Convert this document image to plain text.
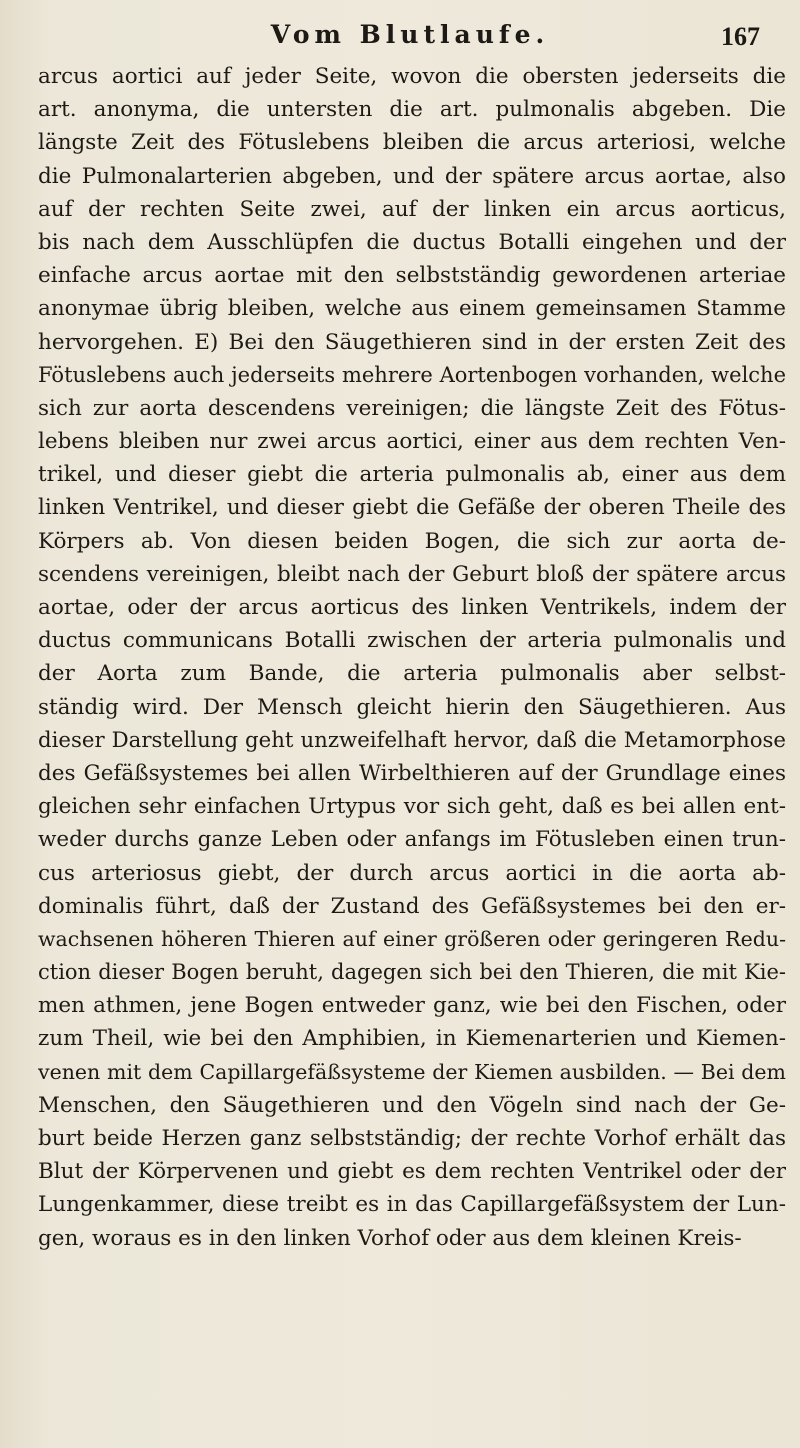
Vom Blutlaufe.	167
arcus aortici auf jeder Seite, wovon die obersten jederseits die
art. anonyma, die untersten die art. pulmonalis abgeben. Die
längste Zeit des Fötuslebens bleiben die arcus arteriosi, welche
die Pulmonalarterien abgeben, und der spätere arcus aortae, also
auf der rechten Seite zwei, auf der linken ein arcus aorticus,
bis nach dem Ausschlüpfen die ductus Botalli eingehen und der
einfache arcus aortae mit den selbstständig gewordenen arteriae
anonymae übrig bleiben, welche aus einem gemeinsamen Stamme
hervorgehen. E) Bei den Säugethieren sind in der ersten Zeit des
Fötuslebens auch jederseits mehrere Aortenbogen vorhanden, welche
sich zur aorta descendens vereinigen; die längste Zeit des Fötus-
lebens bleiben nur zwei arcus aortici, einer aus dem rechten Ven-
trikel, und dieser giebt die arteria pulmonalis ab, einer aus dem
linken Ventrikel, und dieser giebt die Gefäße der oberen Theile des
Körpers ab. Von diesen beiden Bogen, die sich zur aorta de-
scendens vereinigen, bleibt nach der Geburt bloß der spätere arcus
aortae, oder der arcus aorticus des linken Ventrikels, indem der
ductus communicans Botalli zwischen der arteria pulmonalis und
der Aorta zum Bande, die arteria pulmonalis aber selbst-
ständig wird. Der Mensch gleicht hierin den Säugethieren. Aus
dieser Darstellung geht unzweifelhaft hervor, daß die Metamorphose
des Gefäßsystemes bei allen Wirbelthieren auf der Grundlage eines
gleichen sehr einfachen Urtypus vor sich geht, daß es bei allen ent-
weder durchs ganze Leben oder anfangs im Fötusleben einen trun-
cus arteriosus giebt, der durch arcus aortici in die aorta ab-
dominalis führt, daß der Zustand des Gefäßsystemes bei den er-
wachsenen höheren Thieren auf einer größeren oder geringeren Redu-
ction dieser Bogen beruht, dagegen sich bei den Thieren, die mit Kie-
men athmen, jene Bogen entweder ganz, wie bei den Fischen, oder
zum Theil, wie bei den Amphibien, in Kiemenarterien und Kiemen-
venen mit dem Capillargefäßsysteme der Kiemen ausbilden. — Bei dem
Menschen, den Säugethieren und den Vögeln sind nach der Ge-
burt beide Herzen ganz selbstständig; der rechte Vorhof erhält das
Blut der Körpervenen und giebt es dem rechten Ventrikel oder der
Lungenkammer, diese treibt es in das Capillargefäßsystem der Lun-
gen, woraus es in den linken Vorhof oder aus dem kleinen Kreis-
